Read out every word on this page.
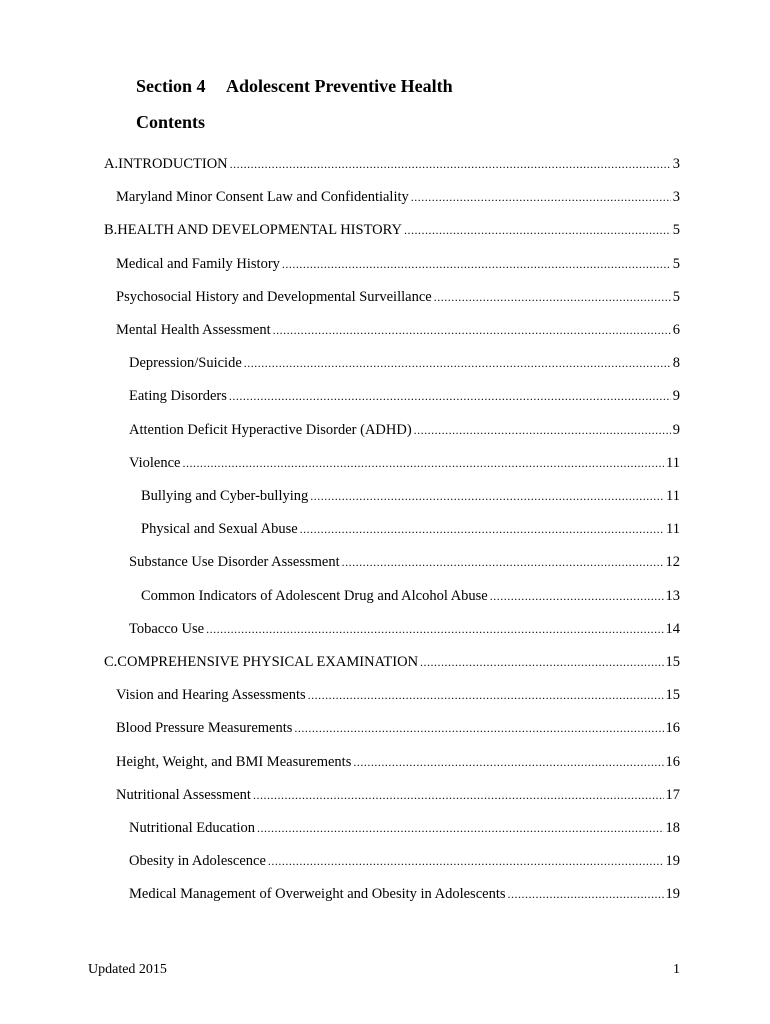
Section 4 Adolescent Preventive Health
Contents
A. INTRODUCTION .....	3
Maryland Minor Consent Law and Confidentiality .....	3
B. HEALTH AND DEVELOPMENTAL HISTORY .....	5
Medical and Family History .....	5
Psychosocial History and Developmental Surveillance .....	5
Mental Health Assessment .....	6
Depression/Suicide .....	8
Eating Disorders .....	9
Attention Deficit Hyperactive Disorder (ADHD) .....	9
Violence .....	11
Bullying and Cyber-bullying .....	11
Physical and Sexual Abuse .....	11
Substance Use Disorder Assessment .....	12
Common Indicators of Adolescent Drug and Alcohol Abuse .....	13
Tobacco Use .....	14
C. COMPREHENSIVE PHYSICAL EXAMINATION .....	15
Vision and Hearing Assessments .....	15
Blood Pressure Measurements .....	16
Height, Weight, and BMI Measurements .....	16
Nutritional Assessment .....	17
Nutritional Education .....	18
Obesity in Adolescence .....	19
Medical Management of Overweight and Obesity in Adolescents .....	19
Updated 2015	1
